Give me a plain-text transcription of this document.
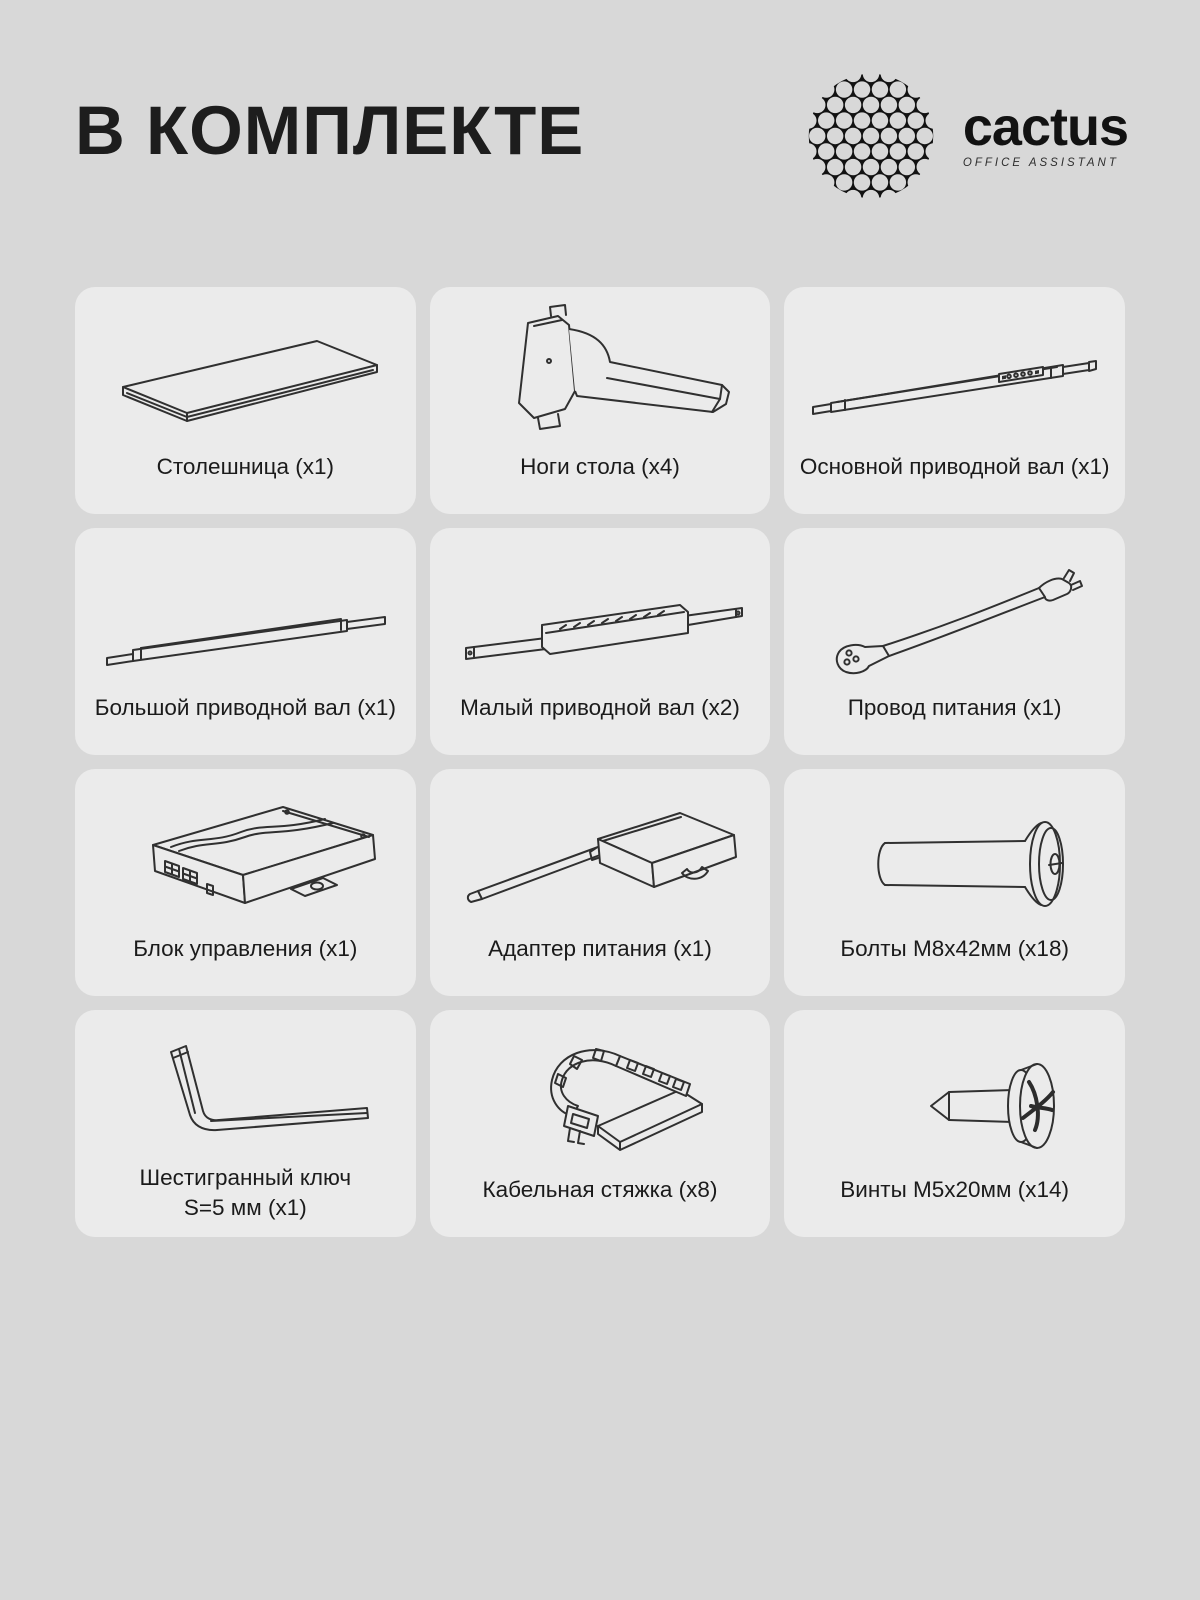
В КОМПЛЕКТЕ	cactus
OFFICE ASSISTANT
Столешница (x1)	Ноги стола (x4)	Основной приводной вал (x1)
Большой приводной вал (x1)	Малый приводной вал (x2)	Провод питания (x1)
Блок управления (x1)	Адаптер питания (x1)	Болты M8x42мм (x18)
Шестигранный ключ
S=5 мм (x1)
Кабельная стяжка (x8)	Винты M5x20мм (x14)
